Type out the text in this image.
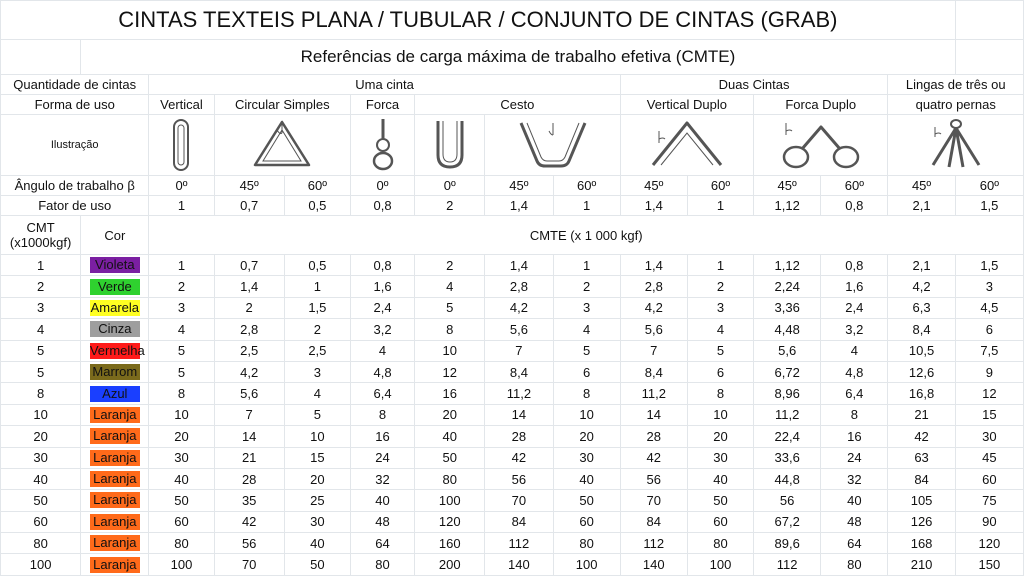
CINTAS TEXTEIS PLANA / TUBULAR / CONJUNTO DE CINTAS (GRAB)														
	Referências de carga máxima de trabalho efetiva (CMTE)													
Quantidade de cintas		Uma cinta							Duas Cintas				Lingas de três ou	
Forma de uso		Vertical	Circular Simples		Forca	Cesto			Vertical Duplo		Forca Duplo		quatro pernas	
Ilustração	

Ângulo de trabalho β		0º	45º	60º	0º	0º	45º	60º	45º	60º	45º	60º	45º	60º
Fator de uso		1	0,7	0,5	0,8	2	1,4	1	1,4	1	1,12	0,8	2,1	1,5
CMT
(x1000kgf)	Cor	CMTE (x 1 000 kgf)												
1	Violeta	1	0,7	0,5	0,8	2	1,4	1	1,4	1	1,12	0,8	2,1	1,5
2	Verde	2	1,4	1	1,6	4	2,8	2	2,8	2	2,24	1,6	4,2	3
3	Amarela	3	2	1,5	2,4	5	4,2	3	4,2	3	3,36	2,4	6,3	4,5
4	Cinza	4	2,8	2	3,2	8	5,6	4	5,6	4	4,48	3,2	8,4	6
5	Vermelha	5	2,5	2,5	4	10	7	5	7	5	5,6	4	10,5	7,5
5	Marrom	5	4,2	3	4,8	12	8,4	6	8,4	6	6,72	4,8	12,6	9
8	Azul	8	5,6	4	6,4	16	11,2	8	11,2	8	8,96	6,4	16,8	12
10	Laranja	10	7	5	8	20	14	10	14	10	11,2	8	21	15
20	Laranja	20	14	10	16	40	28	20	28	20	22,4	16	42	30
30	Laranja	30	21	15	24	50	42	30	42	30	33,6	24	63	45
40	Laranja	40	28	20	32	80	56	40	56	40	44,8	32	84	60
50	Laranja	50	35	25	40	100	70	50	70	50	56	40	105	75
60	Laranja	60	42	30	48	120	84	60	84	60	67,2	48	126	90
80	Laranja	80	56	40	64	160	112	80	112	80	89,6	64	168	120
100	Laranja	100	70	50	80	200	140	100	140	100	112	80	210	150
